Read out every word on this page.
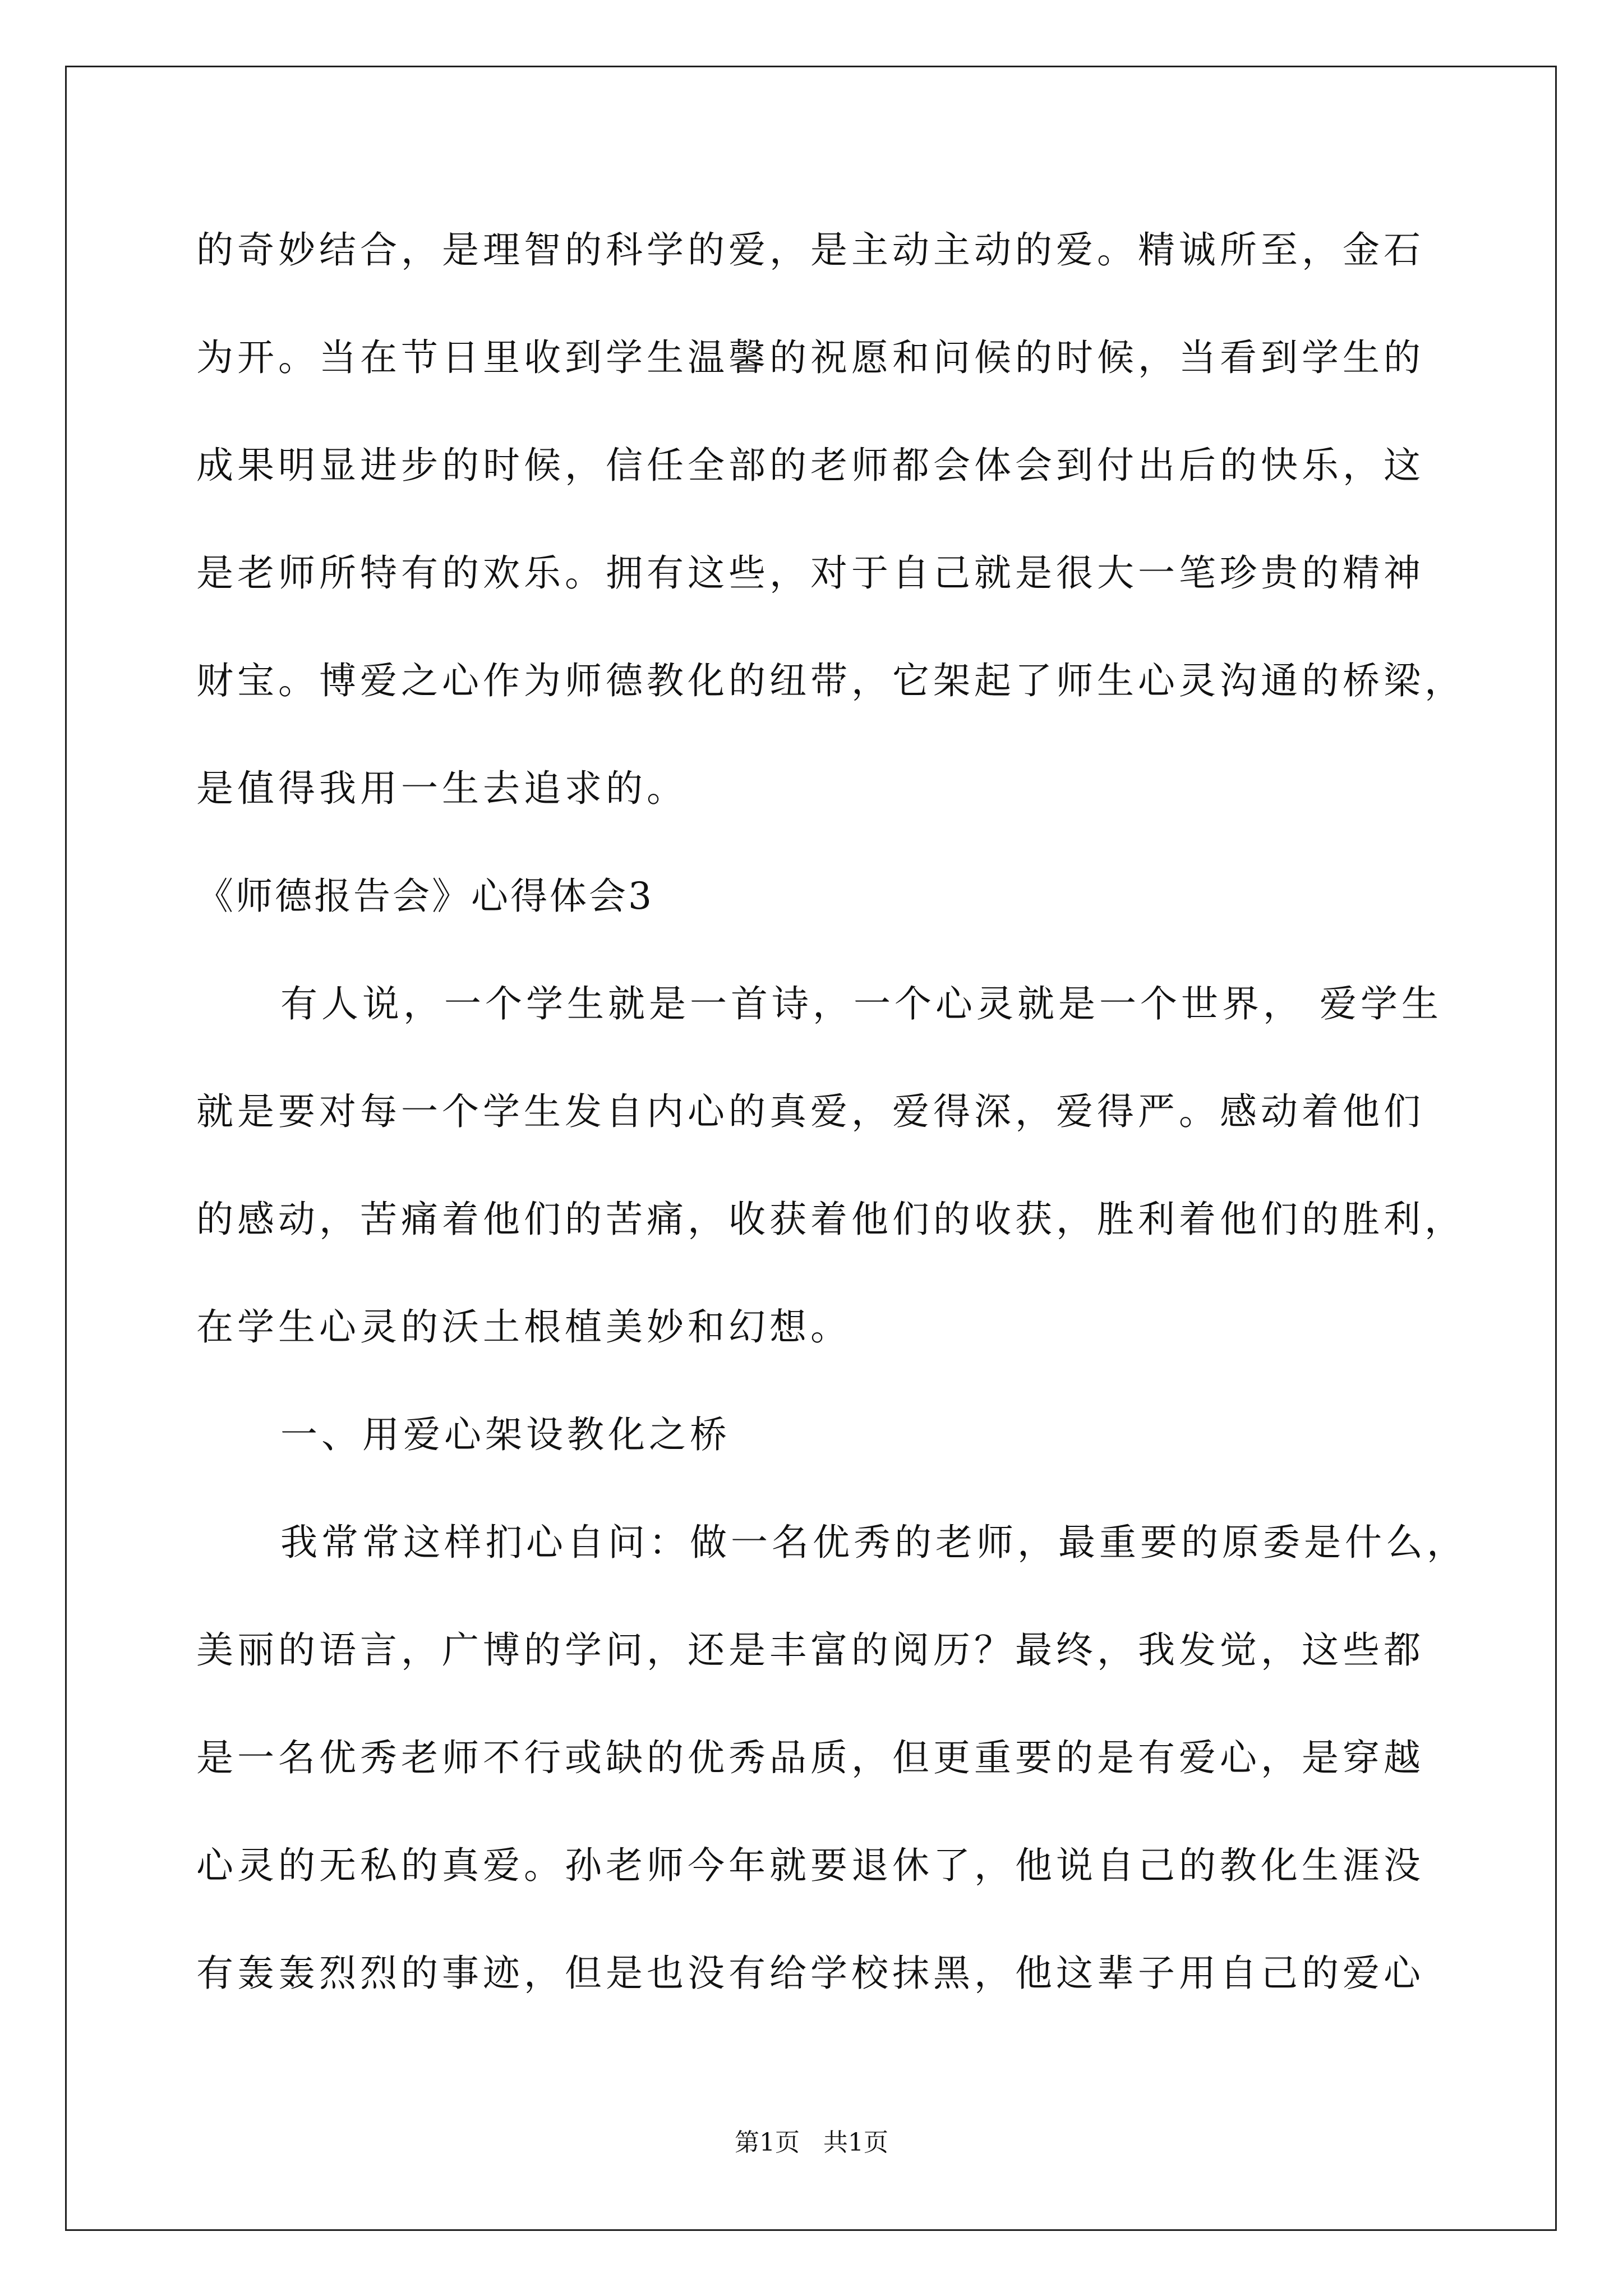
的奇妙结合，是理智的科学的爱，是主动主动的爱。精诚所至，金石
为开。当在节日里收到学生温馨的祝愿和问候的时候，当看到学生的
成果明显进步的时候，信任全部的老师都会体会到付出后的快乐，这
是老师所特有的欢乐。拥有这些，对于自己就是很大一笔珍贵的精神
财宝。博爱之心作为师德教化的纽带，它架起了师生心灵沟通的桥梁，
是值得我用一生去追求的。
《师德报告会》心得体会3
有人说，一个学生就是一首诗，一个心灵就是一个世界， 爱学生
就是要对每一个学生发自内心的真爱，爱得深，爱得严。感动着他们
的感动，苦痛着他们的苦痛，收获着他们的收获，胜利着他们的胜利，
在学生心灵的沃土根植美妙和幻想。
一、用爱心架设教化之桥
我常常这样扪心自问：做一名优秀的老师，最重要的原委是什么，
美丽的语言，广博的学问，还是丰富的阅历？最终，我发觉，这些都
是一名优秀老师不行或缺的优秀品质，但更重要的是有爱心，是穿越
心灵的无私的真爱。孙老师今年就要退休了，他说自己的教化生涯没
有轰轰烈烈的事迹，但是也没有给学校抹黑，他这辈子用自己的爱心
第1页   共1页
